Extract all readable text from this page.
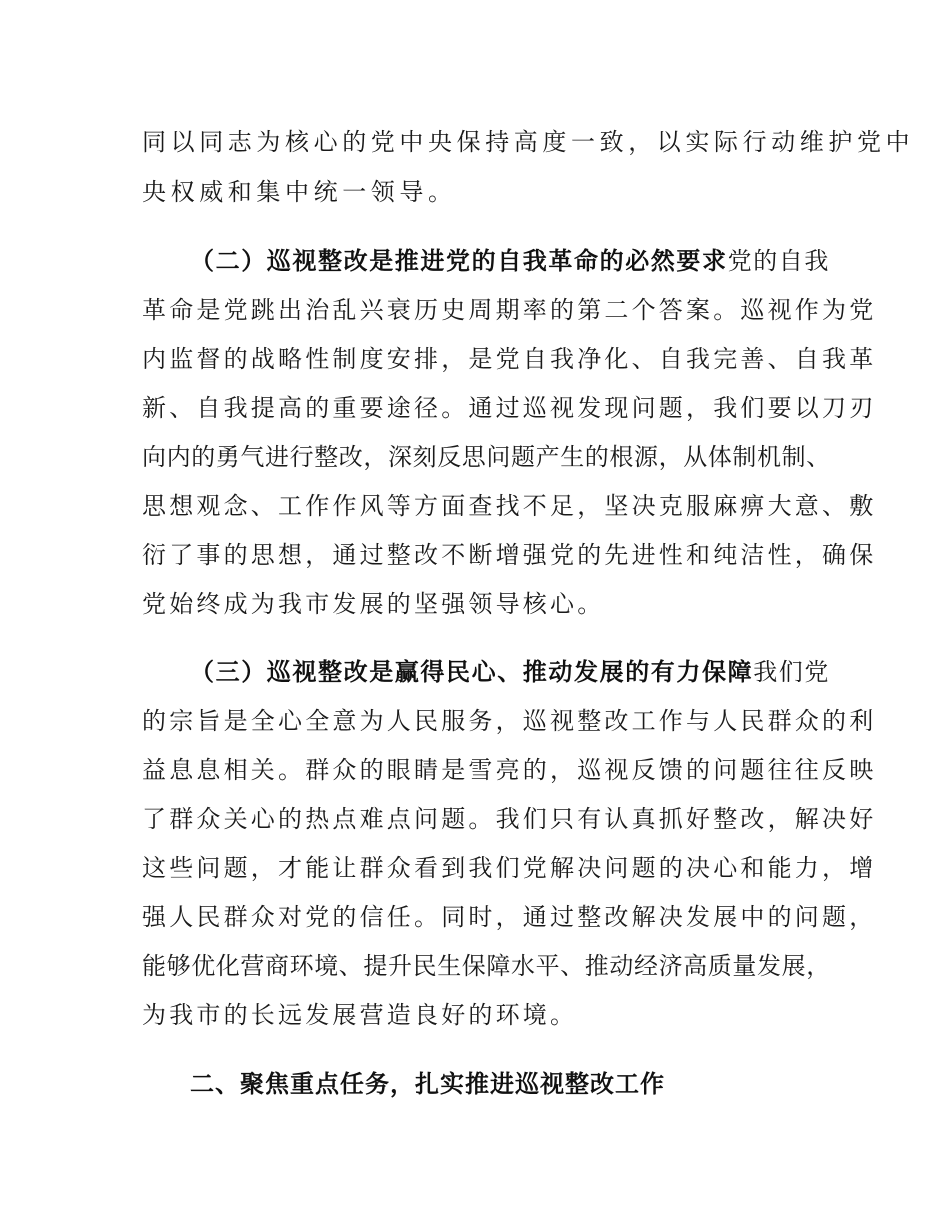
同以同志为核心的党中央保持高度一致，以实际行动维护党中
央权威和集中统一领导。
（二）巡视整改是推进党的自我革命的必然要求党的自我
革命是党跳出治乱兴衰历史周期率的第二个答案。巡视作为党
内监督的战略性制度安排，是党自我净化、自我完善、自我革
新、自我提高的重要途径。通过巡视发现问题，我们要以刀刃
向内的勇气进行整改，深刻反思问题产生的根源，从体制机制、
思想观念、工作作风等方面查找不足，坚决克服麻痹大意、敷
衍了事的思想，通过整改不断增强党的先进性和纯洁性，确保
党始终成为我市发展的坚强领导核心。
（三）巡视整改是赢得民心、推动发展的有力保障我们党
的宗旨是全心全意为人民服务，巡视整改工作与人民群众的利
益息息相关。群众的眼睛是雪亮的，巡视反馈的问题往往反映
了群众关心的热点难点问题。我们只有认真抓好整改，解决好
这些问题，才能让群众看到我们党解决问题的决心和能力，增
强人民群众对党的信任。同时，通过整改解决发展中的问题，
能够优化营商环境、提升民生保障水平、推动经济高质量发展，
为我市的长远发展营造良好的环境。
二、聚焦重点任务，扎实推进巡视整改工作
